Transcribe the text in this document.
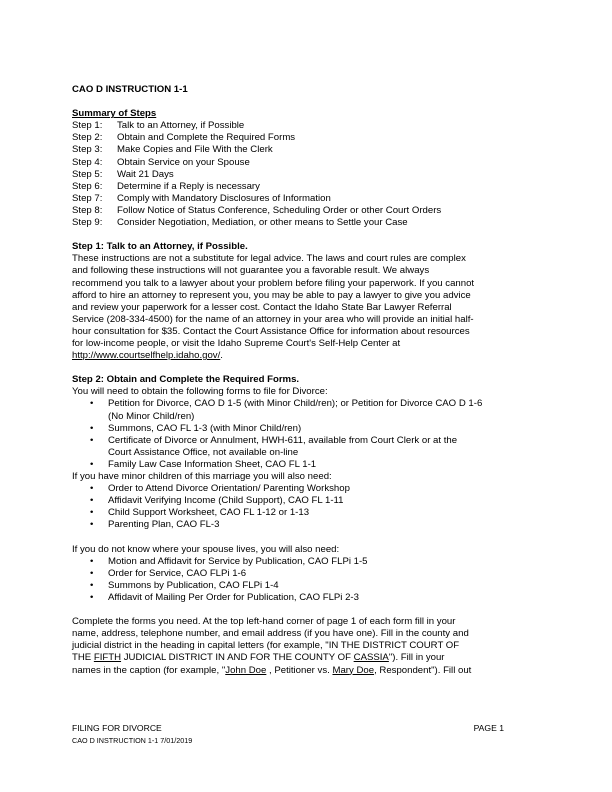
CAO D INSTRUCTION 1-1
Summary of Steps
Step 1:	Talk to an Attorney, if Possible
Step 2:	Obtain and Complete the Required Forms
Step 3:	Make Copies and File With the Clerk
Step 4:	Obtain Service on your Spouse
Step 5:	Wait 21 Days
Step 6:	Determine if a Reply is necessary
Step 7:	Comply with Mandatory Disclosures of Information
Step 8:	Follow Notice of Status Conference, Scheduling Order or other Court Orders
Step 9:	Consider Negotiation, Mediation, or other means to Settle your Case
Step 1: Talk to an Attorney, if Possible.
These instructions are not a substitute for legal advice. The laws and court rules are complex
and following these instructions will not guarantee you a favorable result. We always
recommend you talk to a lawyer about your problem before filing your paperwork. If you cannot
afford to hire an attorney to represent you, you may be able to pay a lawyer to give you advice
and review your paperwork for a lesser cost. Contact the Idaho State Bar Lawyer Referral
Service (208-334-4500) for the name of an attorney in your area who will provide an initial half-
hour consultation for $35. Contact the Court Assistance Office for information about resources
for low-income people, or visit the Idaho Supreme Court's Self-Help Center at
http://www.courtselfhelp.idaho.gov/.
Step 2: Obtain and Complete the Required Forms.
You will need to obtain the following forms to file for Divorce:
• Petition for Divorce, CAO D 1-5 (with Minor Child/ren); or Petition for Divorce CAO D 1-6
(No Minor Child/ren)
• Summons, CAO FL 1-3 (with Minor Child/ren)
• Certificate of Divorce or Annulment, HWH-611, available from Court Clerk or at the
Court Assistance Office, not available on-line
• Family Law Case Information Sheet, CAO FL 1-1
If you have minor children of this marriage you will also need:
• Order to Attend Divorce Orientation/ Parenting Workshop
• Affidavit Verifying Income (Child Support), CAO FL 1-11
• Child Support Worksheet, CAO FL 1-12 or 1-13
• Parenting Plan, CAO FL-3
If you do not know where your spouse lives, you will also need:
• Motion and Affidavit for Service by Publication, CAO FLPi 1-5
• Order for Service, CAO FLPi 1-6
• Summons by Publication, CAO FLPi 1-4
• Affidavit of Mailing Per Order for Publication, CAO FLPi 2-3
Complete the forms you need. At the top left-hand corner of page 1 of each form fill in your
name, address, telephone number, and email address (if you have one). Fill in the county and
judicial district in the heading in capital letters (for example, "IN THE DISTRICT COURT OF
THE FIFTH JUDICIAL DISTRICT IN AND FOR THE COUNTY OF CASSIA"). Fill in your
names in the caption (for example, "John Doe , Petitioner vs. Mary Doe, Respondent"). Fill out
FILING FOR DIVORCE	PAGE 1
CAO D INSTRUCTION 1-1 7/01/2019
